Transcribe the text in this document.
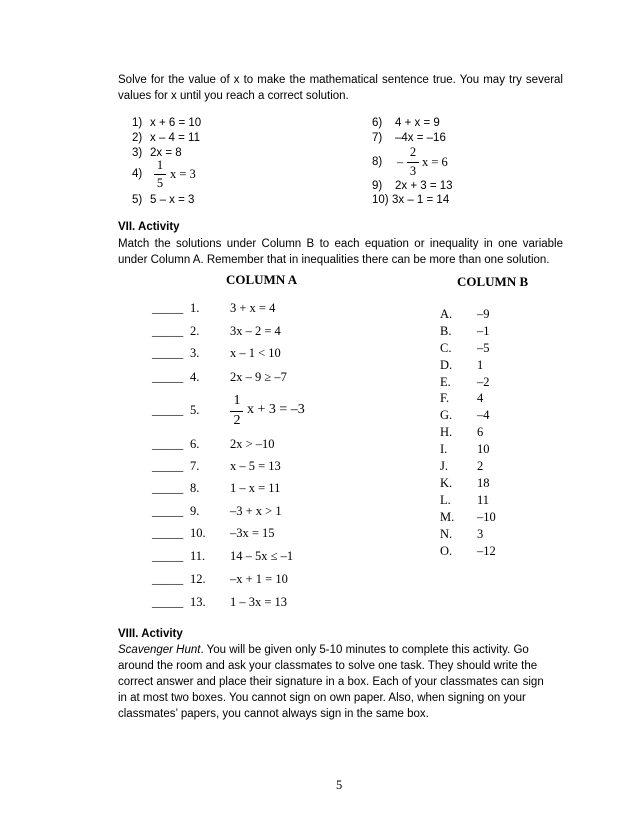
Solve for the value of x to make the mathematical sentence true. You may try several
values for x until you reach a correct solution.
1) x + 6 = 10
2) x – 4 = 11
3) 2x = 8
4)
1
5
x = 3
5) 5 – x = 3
6) 4 + x = 9
7) –4x = –16
8) –
2
3
x = 6
9) 2x + 3 = 13
10) 3x – 1 = 14
VII. Activity
Match the solutions under Column B to each equation or inequality in one variable
under Column A. Remember that in inequalities there can be more than one solution.
COLUMN A	COLUMN B
_____ 1. 3 + x = 4
_____ 2. 3x – 2 = 4
_____ 3. x – 1 < 10
_____ 4. 2x – 9 ≥ –7
_____ 5.
1
2
x + 3 = –3
_____ 6. 2x > –10
_____ 7. x – 5 = 13
_____ 8. 1 – x = 11
_____ 9. –3 + x > 1
_____ 10. –3x = 15
_____ 11. 14 – 5x ≤ –1
_____ 12. –x + 1 = 10
_____ 13. 1 – 3x = 13
A. –9
B. –1
C. –5
D. 1
E. –2
F. 4
G. –4
H. 6
I. 10
J. 2
K. 18
L. 11
M. –10
N. 3
O. –12
VIII. Activity
Scavenger Hunt. You will be given only 5-10 minutes to complete this activity. Go
around the room and ask your classmates to solve one task. They should write the
correct answer and place their signature in a box. Each of your classmates can sign
in at most two boxes. You cannot sign on own paper. Also, when signing on your
classmates’ papers, you cannot always sign in the same box.
5
